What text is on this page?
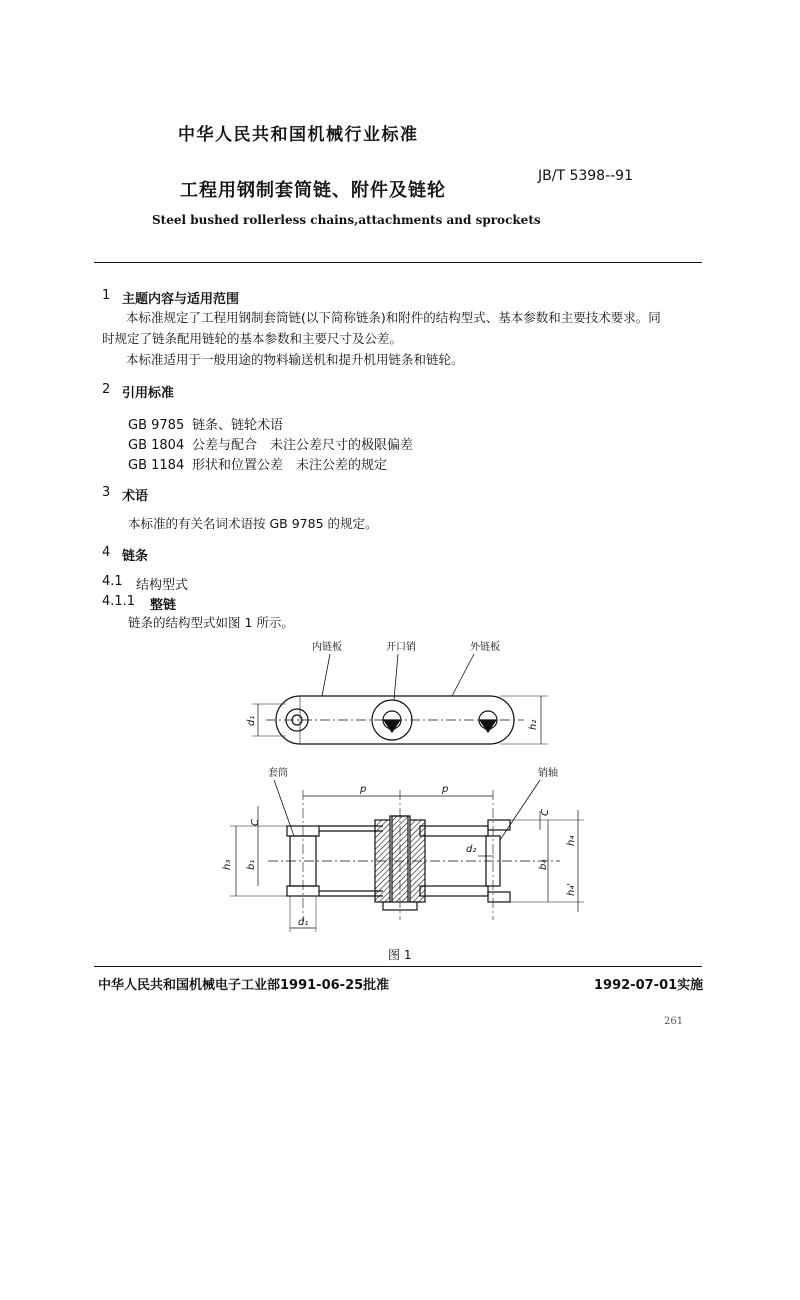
中华人民共和国机械行业标准
工程用钢制套筒链、附件及链轮
JB/T 5398--91
Steel bushed rollerless chains,attachments and sprockets
1 主题内容与适用范围
本标准规定了工程用钢制套筒链(以下简称链条)和附件的结构型式、基本参数和主要技术要求。同
时规定了链条配用链轮的基本参数和主要尺寸及公差。
本标准适用于一般用途的物料输送机和提升机用链条和链轮。
2 引用标准
GB 9785 链条、链轮术语
GB 1804 公差与配合　未注公差尺寸的极限偏差
GB 1184 形状和位置公差　未注公差的规定
3 术语
本标准的有关名词术语按 GB 9785 的规定。
4 链条
4.1 结构型式
4.1.1 整链
链条的结构型式如图 1 所示。
内链板	开口销	外链板
d₁	h₂
套筒	销轴
p	p
C
h₃ b₁
d₂
b₄
C
h₄
h₄'
d₁
图 1
中华人民共和国机械电子工业部1991-06-25批准	1992-07-01实施
261
